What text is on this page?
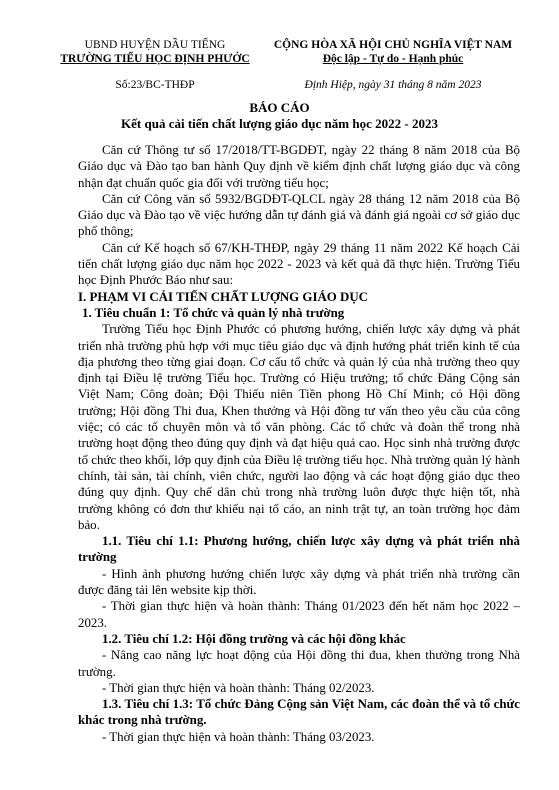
UBND HUYỆN DẦU TIẾNG
TRƯỜNG TIỂU HỌC ĐỊNH PHƯỚC
Số:23/BC-THĐP
CỘNG HÒA XÃ HỘI CHỦ NGHĨA VIỆT NAM
Độc lập - Tự do - Hạnh phúc
Định Hiệp, ngày 31 tháng 8 năm 2023
BÁO CÁO
Kết quả cải tiến chất lượng giáo dục năm học 2022 - 2023

Căn cứ Thông tư số 17/2018/TT-BGDĐT, ngày 22 tháng 8 năm 2018 của Bộ Giáo dục và Đào tạo ban hành Quy định về kiểm định chất lượng giáo dục và công nhận đạt chuẩn quốc gia đối với trường tiểu học;

Căn cứ Công văn số 5932/BGDĐT-QLCL ngày 28 tháng 12 năm 2018 của Bộ Giáo dục và Đào tạo về việc hướng dẫn tự đánh giá và đánh giá ngoài cơ sở giáo dục phổ thông;

Căn cứ Kế hoạch số 67/KH-THĐP, ngày 29 tháng 11 năm 2022 Kế hoạch Cải tiến chất lượng giáo dục năm học 2022 - 2023 và kết quả đã thực hiện. Trường Tiểu học Định Phước Báo như sau:

I. PHẠM VI CẢI TIẾN CHẤT LƯỢNG GIÁO DỤC

1. Tiêu chuẩn 1: Tổ chức và quản lý nhà trường

Trường Tiểu học Định Phước có phương hướng, chiến lược xây dựng và phát triển nhà trường phù hợp với mục tiêu giáo dục và định hướng phát triển kinh tế của địa phương theo từng giai đoạn. Cơ cấu tổ chức và quản lý của nhà trường theo quy định tại Điều lệ trường Tiểu học. Trường có Hiệu trưởng; tổ chức Đảng Cộng sản Việt Nam; Công đoàn; Đội Thiếu niên Tiền phong Hồ Chí Minh; có Hội đồng trường; Hội đồng Thi đua, Khen thưởng và Hội đồng tư vấn theo yêu cầu của công việc; có các tổ chuyên môn và tổ văn phòng. Các tổ chức và đoàn thể trong nhà trường hoạt động theo đúng quy định và đạt hiệu quả cao. Học sinh nhà trường được tổ chức theo khối, lớp quy định của Điều lệ trường tiểu học. Nhà trường quản lý hành chính, tài sản, tài chính, viên chức, người lao động và các hoạt động giáo dục theo đúng quy định. Quy chế dân chủ trong nhà trường luôn được thực hiện tốt, nhà trường không có đơn thư khiếu nại tố cáo, an ninh trật tự, an toàn trường học đảm bảo.

1.1. Tiêu chí 1.1: Phương hướng, chiến lược xây dựng và phát triển nhà trường

- Hình ảnh phương hướng chiến lược xây dựng và phát triển nhà trường cần được đăng tải lên website kịp thời.

- Thời gian thực hiện và hoàn thành: Tháng 01/2023 đến hết năm học 2022 – 2023.

1.2. Tiêu chí 1.2: Hội đồng trường và các hội đồng khác

- Nâng cao năng lực hoạt động của Hội đồng thi đua, khen thưởng trong Nhà trường.

- Thời gian thực hiện và hoàn thành: Tháng 02/2023.

1.3. Tiêu chí 1.3: Tổ chức Đảng Cộng sản Việt Nam, các đoàn thể và tổ chức khác trong nhà trường.

- Thời gian thực hiện và hoàn thành: Tháng 03/2023.
